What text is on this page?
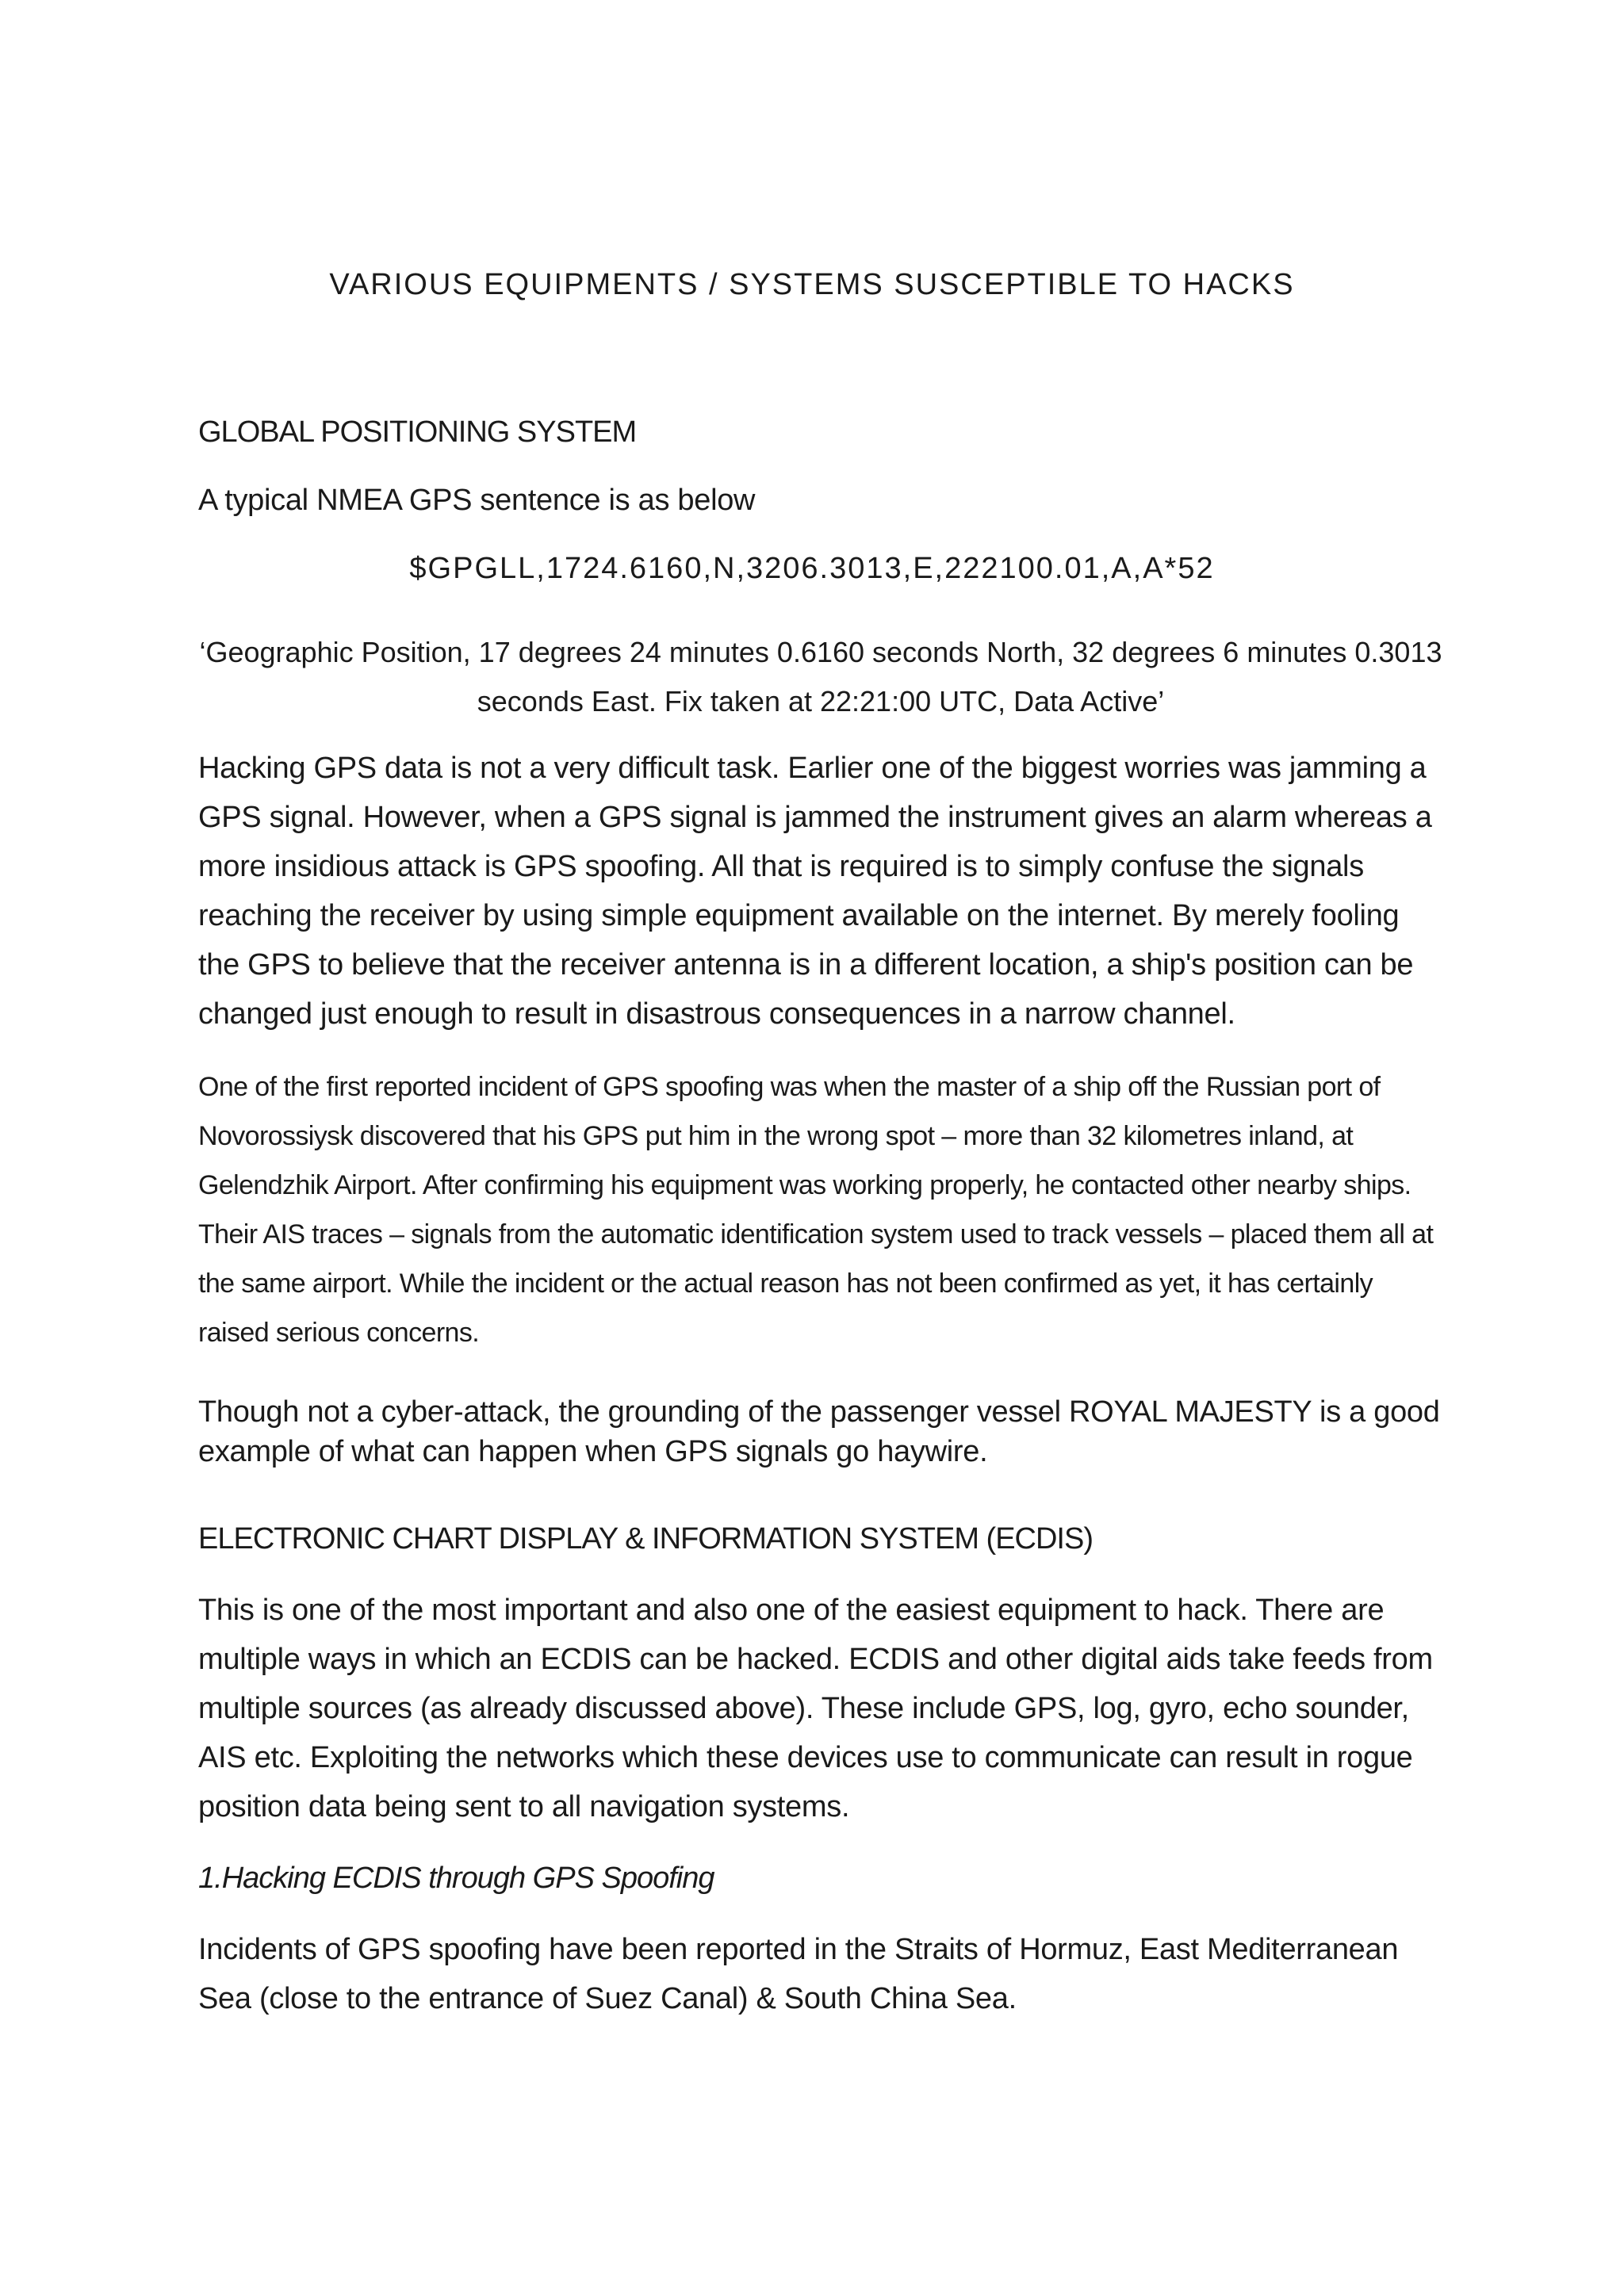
VARIOUS EQUIPMENTS / SYSTEMS SUSCEPTIBLE TO HACKS
GLOBAL POSITIONING SYSTEM

A typical NMEA GPS sentence is as below

$GPGLL,1724.6160,N,3206.3013,E,222100.01,A,A*52

‘Geographic Position, 17 degrees 24 minutes 0.6160 seconds North, 32 degrees 6 minutes 0.3013 seconds East. Fix taken at 22:21:00 UTC, Data Active’

Hacking GPS data is not a very difficult task. Earlier one of the biggest worries was jamming a GPS signal. However, when a GPS signal is jammed the instrument gives an alarm whereas a more insidious attack is GPS spoofing. All that is required is to simply confuse the signals reaching the receiver by using simple equipment available on the internet. By merely fooling the GPS to believe that the receiver antenna is in a different location, a ship's position can be changed just enough to result in disastrous consequences in a narrow channel.

One of the first reported incident of GPS spoofing was when the master of a ship off the Russian port of Novorossiysk discovered that his GPS put him in the wrong spot – more than 32 kilometres inland, at Gelendzhik Airport. After confirming his equipment was working properly, he contacted other nearby ships. Their AIS traces – signals from the automatic identification system used to track vessels – placed them all at the same airport. While the incident or the actual reason has not been confirmed as yet, it has certainly raised serious concerns.

Though not a cyber-attack, the grounding of the passenger vessel ROYAL MAJESTY is a good example of what can happen when GPS signals go haywire.

ELECTRONIC CHART DISPLAY & INFORMATION SYSTEM (ECDIS)

This is one of the most important and also one of the easiest equipment to hack. There are multiple ways in which an ECDIS can be hacked. ECDIS and other digital aids take feeds from multiple sources (as already discussed above). These include GPS, log, gyro, echo sounder, AIS etc. Exploiting the networks which these devices use to communicate can result in rogue position data being sent to all navigation systems.

1.Hacking ECDIS through GPS Spoofing

Incidents of GPS spoofing have been reported in the Straits of Hormuz, East Mediterranean Sea (close to the entrance of Suez Canal) & South China Sea.
